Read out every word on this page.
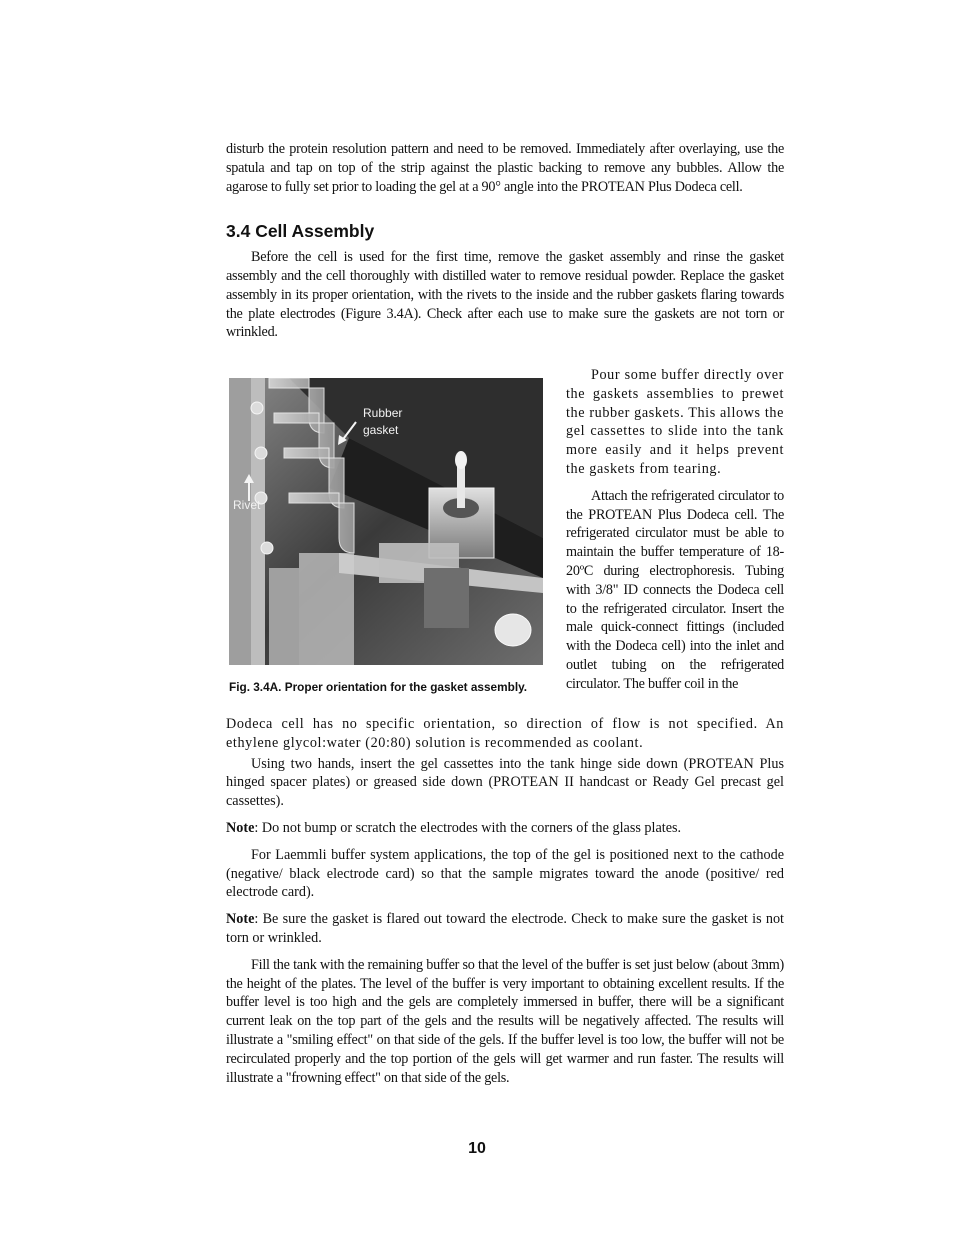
disturb the protein resolution pattern and need to be removed. Immediately after overlaying, use the spatula and tap on top of the strip against the plastic backing to remove any bubbles. Allow the agarose to fully set prior to loading the gel at a 90° angle into the PROTEAN Plus Dodeca cell.

3.4 Cell Assembly

Before the cell is used for the first time, remove the gasket assembly and rinse the gasket assembly and the cell thoroughly with distilled water to remove residual powder. Replace the gasket assembly in its proper orientation, with the rivets to the inside and the rubber gaskets flaring towards the plate electrodes (Figure 3.4A). Check after each use to make sure the gaskets are not torn or wrinkled.

Rubber
gasket
Rivet
Fig. 3.4A. Proper orientation for the gasket assembly.

Pour some buffer directly over the gaskets assemblies to prewet the rubber gaskets. This allows the gel cassettes to slide into the tank more easily and it helps prevent the gaskets from tearing.

Attach the refrigerated circulator to the PROTEAN Plus Dodeca cell. The refrigerated circulator must be able to maintain the buffer temperature of 18-20ºC during electrophoresis. Tubing with 3/8" ID connects the Dodeca cell to the refrigerated circulator. Insert the male quick-connect fittings (included with the Dodeca cell) into the inlet and outlet tubing on the refrigerated circulator. The buffer coil in the

Dodeca cell has no specific orientation, so direction of flow is not specified. An ethylene glycol:water (20:80) solution is recommended as coolant.

Using two hands, insert the gel cassettes into the tank hinge side down (PROTEAN Plus hinged spacer plates) or greased side down (PROTEAN II handcast or Ready Gel precast gel cassettes).

Note: Do not bump or scratch the electrodes with the corners of the glass plates.

For Laemmli buffer system applications, the top of the gel is positioned next to the cathode (negative/ black electrode card) so that the sample migrates toward the anode (positive/ red electrode card).

Note: Be sure the gasket is flared out toward the electrode. Check to make sure the gasket is not torn or wrinkled.

Fill the tank with the remaining buffer so that the level of the buffer is set just below (about 3mm) the height of the plates. The level of the buffer is very important to obtaining excellent results. If the buffer level is too high and the gels are completely immersed in buffer, there will be a significant current leak on the top part of the gels and the results will be negatively affected. The results will illustrate a "smiling effect" on that side of the gels. If the buffer level is too low, the buffer will not be recirculated properly and the top portion of the gels will get warmer and run faster. The results will illustrate a "frowning effect" on that side of the gels.

10
